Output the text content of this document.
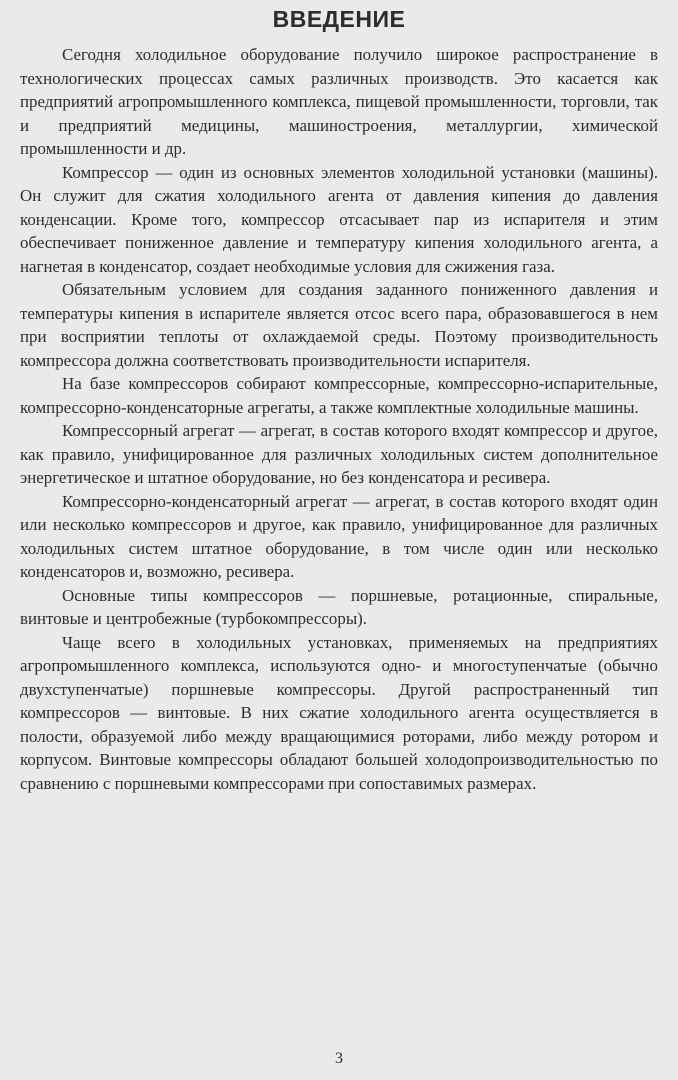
ВВЕДЕНИЕ

Сегодня холодильное оборудование получило широкое распространение в технологических процессах самых различных производств. Это касается как предприятий агропромышленного комплекса, пищевой промышленности, торговли, так и предприятий медицины, машиностроения, металлургии, химической промышленности и др.

Компрессор — один из основных элементов холодильной установки (машины). Он служит для сжатия холодильного агента от давления кипения до давления конденсации. Кроме того, компрессор отсасывает пар из испарителя и этим обеспечивает пониженное давление и температуру кипения холодильного агента, а нагнетая в конденсатор, создает необходимые условия для сжижения газа.

Обязательным условием для создания заданного пониженного давления и температуры кипения в испарителе является отсос всего пара, образовавшегося в нем при восприятии теплоты от охлаждаемой среды. Поэтому производительность компрессора должна соответствовать производительности испарителя.

На базе компрессоров собирают компрессорные, компрессорно-испарительные, компрессорно-конденсаторные агрегаты, а также комплектные холодильные машины.

Компрессорный агрегат — агрегат, в состав которого входят компрессор и другое, как правило, унифицированное для различных холодильных систем дополнительное энергетическое и штатное оборудование, но без конденсатора и ресивера.

Компрессорно-конденсаторный агрегат — агрегат, в состав которого входят один или несколько компрессоров и другое, как правило, унифицированное для различных холодильных систем штатное оборудование, в том числе один или несколько конденсаторов и, возможно, ресивера.

Основные типы компрессоров — поршневые, ротационные, спиральные, винтовые и центробежные (турбокомпрессоры).

Чаще всего в холодильных установках, применяемых на предприятиях агропромышленного комплекса, используются одно- и многоступенчатые (обычно двухступенчатые) поршневые компрессоры. Другой распространенный тип компрессоров — винтовые. В них сжатие холодильного агента осуществляется в полости, образуемой либо между вращающимися роторами, либо между ротором и корпусом. Винтовые компрессоры обладают большей холодопроизводительностью по сравнению с поршневыми компрессорами при сопоставимых размерах.

3
